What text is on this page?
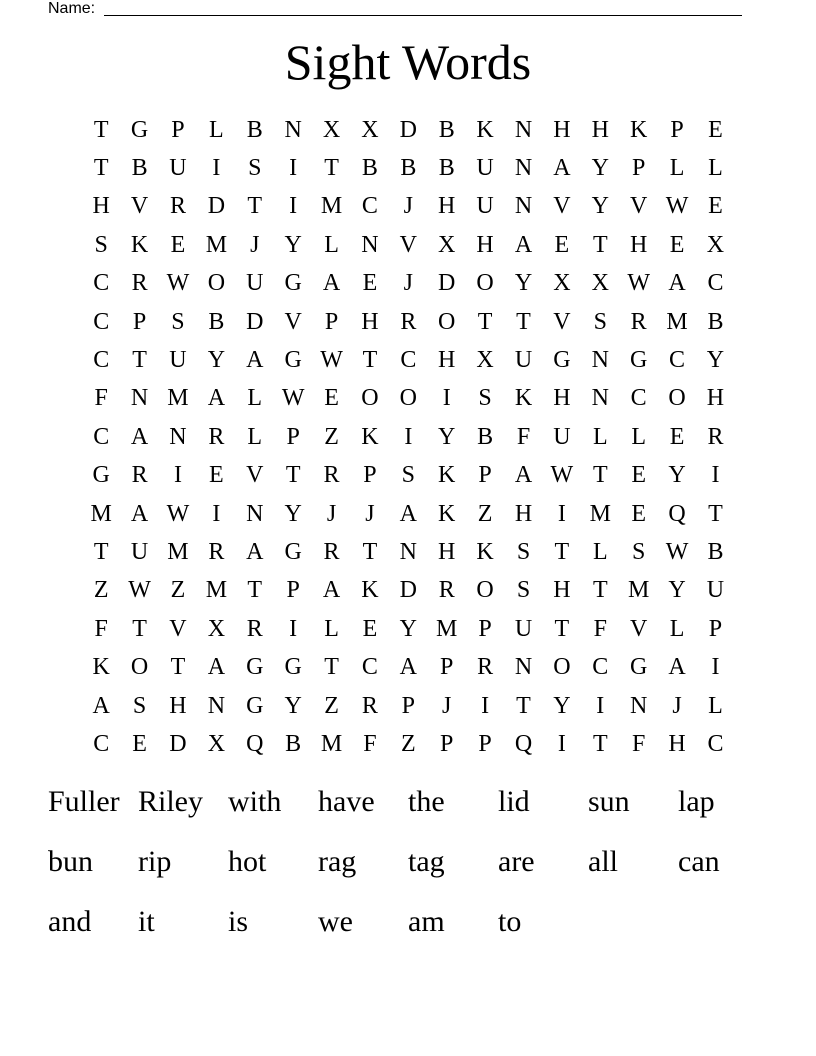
Name:
Sight Words
T G P	L B N X X D B K N H H K P	E
T B U	I	S	I	T B B B U N A Y P	L L
H V R D T	I M C	J	H U N V Y V W E
S K E M J	Y L N V X H A E T H E X
C R W O U G A E	J	D O Y X X W A C
C P	S B D V P H R O T T V S R M B
C T U Y A G W T C H X U G N G C Y
F N M A L W E O O	I	S K H N C O H
C A N R L	P	Z K	I	Y B F U L L E R
G R	I	E V T R P	S K P A W T E Y	I
M A W I	N Y	J	J	A K Z H	I M E Q T
T U M R A G R T N H K S	T L	S W B
Z W Z M T	P A K D R O S H T M Y U
F	T V X R	I	L E Y M P U T	F V L	P
K O T A G G T C A P R N O C G A	I
A S H N G Y Z R P	J	I	T Y	I	N	J	L
C E D X Q B M F	Z	P	P Q	I	T	F H C
Fuller Riley with	have	the	lid	sun	lap
bun	rip	hot	rag	tag	are	all	can
and	it	is	we	am	to
